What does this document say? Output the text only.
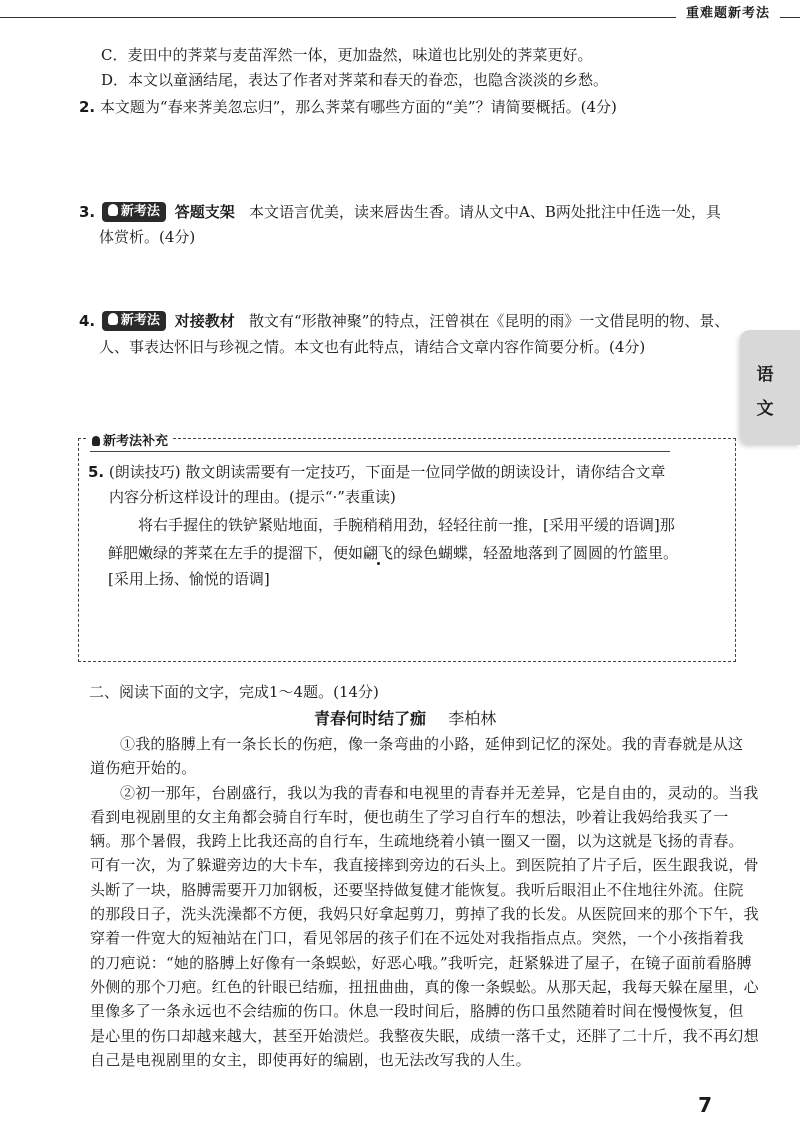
重难题新考法
语
文
C．麦田中的荠菜与麦苗浑然一体，更加盎然，味道也比别处的荠菜更好。
D．本文以童涵结尾，表达了作者对荠菜和春天的眷恋，也隐含淡淡的乡愁。
2. 本文题为“春来荠美忽忘归”，那么荠菜有哪些方面的“美”？请简要概括。(4分)
3. 新考法 答题支架 本文语言优美，读来唇齿生香。请从文中A、B两处批注中任选一处，具
体赏析。(4分)
4. 新考法 对接教材 散文有“形散神聚”的特点，汪曾祺在《昆明的雨》一文借昆明的物、景、
人、事表达怀旧与珍视之情。本文也有此特点，请结合文章内容作简要分析。(4分)
新考法补充
5. (朗读技巧) 散文朗读需要有一定技巧，下面是一位同学做的朗读设计，请你结合文章
内容分析这样设计的理由。(提示“·”表重读)
将右手握住的铁铲紧贴地面，手腕稍稍用劲，轻轻往前一推，[采用平缓的语调]那
鲜肥嫩绿的荠菜在左手的提溜下，便如翩飞的绿色蝴蝶，轻盈地落到了圆圆的竹篮里。
[采用上扬、愉悦的语调]
二、阅读下面的文字，完成1～4题。(14分)
青春何时结了痂 李柏林
①我的胳膊上有一条长长的伤疤，像一条弯曲的小路，延伸到记忆的深处。我的青春就是从这
道伤疤开始的。
②初一那年，台剧盛行，我以为我的青春和电视里的青春并无差异，它是自由的，灵动的。当我
看到电视剧里的女主角都会骑自行车时，便也萌生了学习自行车的想法，吵着让我妈给我买了一
辆。那个暑假，我跨上比我还高的自行车，生疏地绕着小镇一圈又一圈，以为这就是飞扬的青春。
可有一次，为了躲避旁边的大卡车，我直接摔到旁边的石头上。到医院拍了片子后，医生跟我说，骨
头断了一块，胳膊需要开刀加钢板，还要坚持做复健才能恢复。我听后眼泪止不住地往外流。住院
的那段日子，洗头洗澡都不方便，我妈只好拿起剪刀，剪掉了我的长发。从医院回来的那个下午，我
穿着一件宽大的短袖站在门口，看见邻居的孩子们在不远处对我指指点点。突然，一个小孩指着我
的刀疤说：“她的胳膊上好像有一条蜈蚣，好恶心哦。”我听完，赶紧躲进了屋子，在镜子面前看胳膊
外侧的那个刀疤。红色的针眼已结痂，扭扭曲曲，真的像一条蜈蚣。从那天起，我每天躲在屋里，心
里像多了一条永远也不会结痂的伤口。休息一段时间后，胳膊的伤口虽然随着时间在慢慢恢复，但
是心里的伤口却越来越大，甚至开始溃烂。我整夜失眠，成绩一落千丈，还胖了二十斤，我不再幻想
自己是电视剧里的女主，即使再好的编剧，也无法改写我的人生。
7
